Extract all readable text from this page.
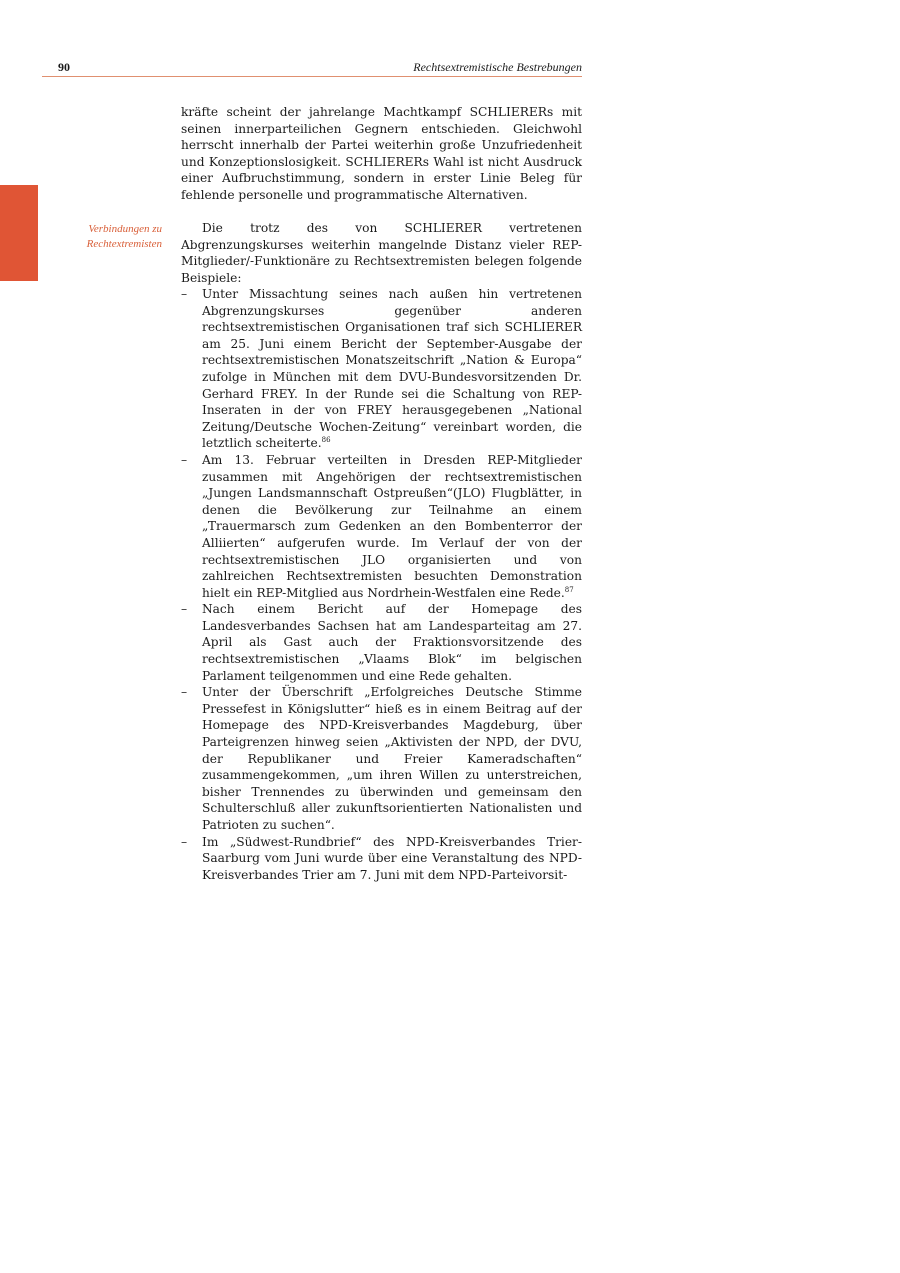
90	Rechtsextremistische Bestrebungen
Verbindungen zu
Rechtextremisten
kräfte scheint der jahrelange Machtkampf SCHLIERERs mit seinen innerparteilichen Gegnern entschieden. Gleichwohl herrscht innerhalb der Partei weiterhin große Unzufriedenheit und Konzeptionslosigkeit. SCHLIERERs Wahl ist nicht Ausdruck einer Aufbruchstimmung, sondern in erster Linie Beleg für fehlende personelle und programmatische Alternativen.
Die trotz des von SCHLIERER vertretenen Abgrenzungskurses weiterhin mangelnde Distanz vieler REP-Mitglieder/-Funktionäre zu Rechtsextremisten belegen folgende Beispiele:
–	Unter Missachtung seines nach außen hin vertretenen Abgrenzungskurses gegenüber anderen rechtsextremistischen Organisationen traf sich SCHLIERER am 25. Juni einem Bericht der September-Ausgabe der rechtsextremistischen Monatszeitschrift „Nation & Europa“ zufolge in München mit dem DVU-Bundesvorsitzenden Dr. Gerhard FREY. In der Runde sei die Schaltung von REP-Inseraten in der von FREY herausgegebenen „National Zeitung/Deutsche Wochen-Zeitung“ vereinbart worden, die letztlich scheiterte.$^{86}$
–	Am 13. Februar verteilten in Dresden REP-Mitglieder zusammen mit Angehörigen der rechtsextremistischen „Jungen Landsmannschaft Ostpreußen“(JLO) Flugblätter, in denen die Bevölkerung zur Teilnahme an einem „Trauermarsch zum Gedenken an den Bombenterror der Alliierten“ aufgerufen wurde. Im Verlauf der von der rechtsextremistischen JLO organisierten und von zahlreichen Rechtsextremisten besuchten Demonstration hielt ein REP-Mitglied aus Nordrhein-Westfalen eine Rede.$^{87}$
–	Nach einem Bericht auf der Homepage des Landesverbandes Sachsen hat am Landesparteitag am 27. April als Gast auch der Fraktionsvorsitzende des rechtsextremistischen „Vlaams Blok“ im belgischen Parlament teilgenommen und eine Rede gehalten.
–	Unter der Überschrift „Erfolgreiches Deutsche Stimme Pressefest in Königslutter“ hieß es in einem Beitrag auf der Homepage des NPD-Kreisverbandes Magdeburg, über Parteigrenzen hinweg seien „Aktivisten der NPD, der DVU, der Republikaner und Freier Kameradschaften“ zusammengekommen, „um ihren Willen zu unterstreichen, bisher Trennendes zu überwinden und gemeinsam den Schulterschluß aller zukunftsorientierten Nationalisten und Patrioten zu suchen“.
–	Im „Südwest-Rundbrief“ des NPD-Kreisverbandes Trier-Saarburg vom Juni wurde über eine Veranstaltung des NPD-Kreisverbandes Trier am 7. Juni mit dem NPD-Parteivorsit-
